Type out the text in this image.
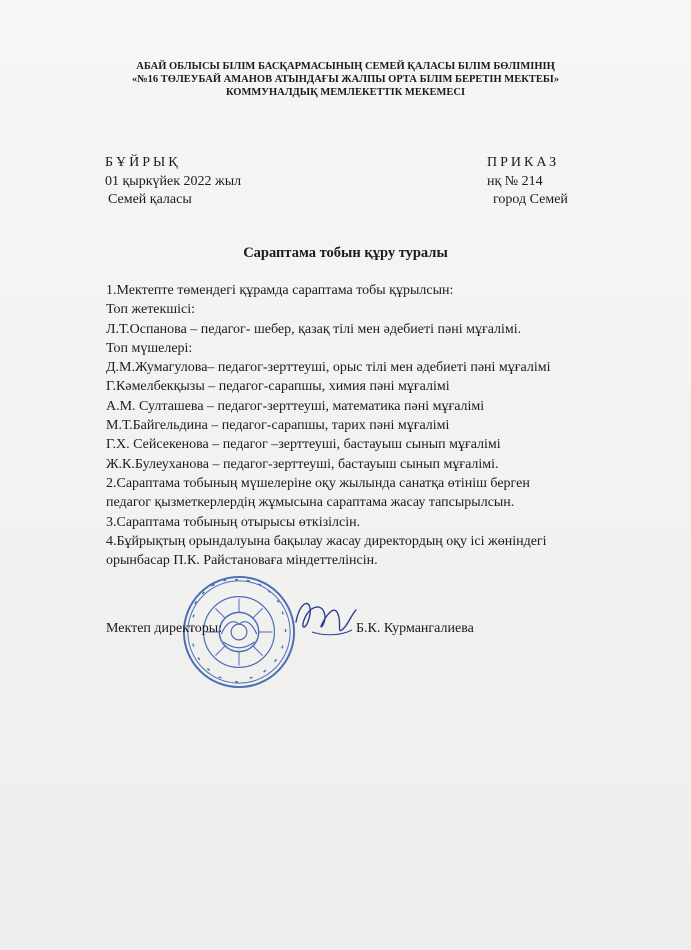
АБАЙ ОБЛЫСЫ БІЛІМ БАСҚАРМАСЫНЫҢ СЕМЕЙ ҚАЛАСЫ БІЛІМ БӨЛІМІНІҢ
«№16 ТӨЛЕУБАЙ АМАНОВ АТЫНДАҒЫ ЖАЛПЫ ОРТА БІЛІМ БЕРЕТІН МЕКТЕБІ»
КОММУНАЛДЫҚ МЕМЛЕКЕТТІК МЕКЕМЕСІ
БҰЙРЫҚ	ПРИКАЗ
01 қыркүйек 2022 жыл	нқ № 214
Семей қаласы	город Семей
Сараптама тобын құру туралы

1.Мектепте төмендегі құрамда сараптама тобы құрылсын:

Топ жетекшісі:

Л.Т.Оспанова – педагог- шебер, қазақ тілі мен әдебиеті пәні мұғалімі.

Топ мүшелері:

Д.М.Жумагулова– педагог-зерттеуші, орыс тілі мен әдебиеті пәні мұғалімі

Г.Кәмелбекқызы – педагог-сарапшы, химия пәні мұғалімі

А.М. Султашева – педагог-зерттеуші, математика пәні мұғалімі

М.Т.Байгельдина – педагог-сарапшы, тарих пәні мұғалімі

Г.Х. Сейсекенова – педагог –зерттеуші, бастауыш сынып мұғалімі

Ж.К.Булеуханова – педагог-зерттеуші, бастауыш сынып мұғалімі.

2.Сараптама тобының мүшелеріне оқу жылында санатқа өтініш берген

педагог қызметкерлердің жұмысына сараптама жасау тапсырылсын.

3.Сараптама тобының отырысы өткізілсін.

4.Бұйрықтың орындалуына бақылау жасау директордың оқу ісі жөніндегі

орынбасар П.К. Райстановаға міндеттелінсін.

Мектеп директоры:	Б.К. Курмангалиева
